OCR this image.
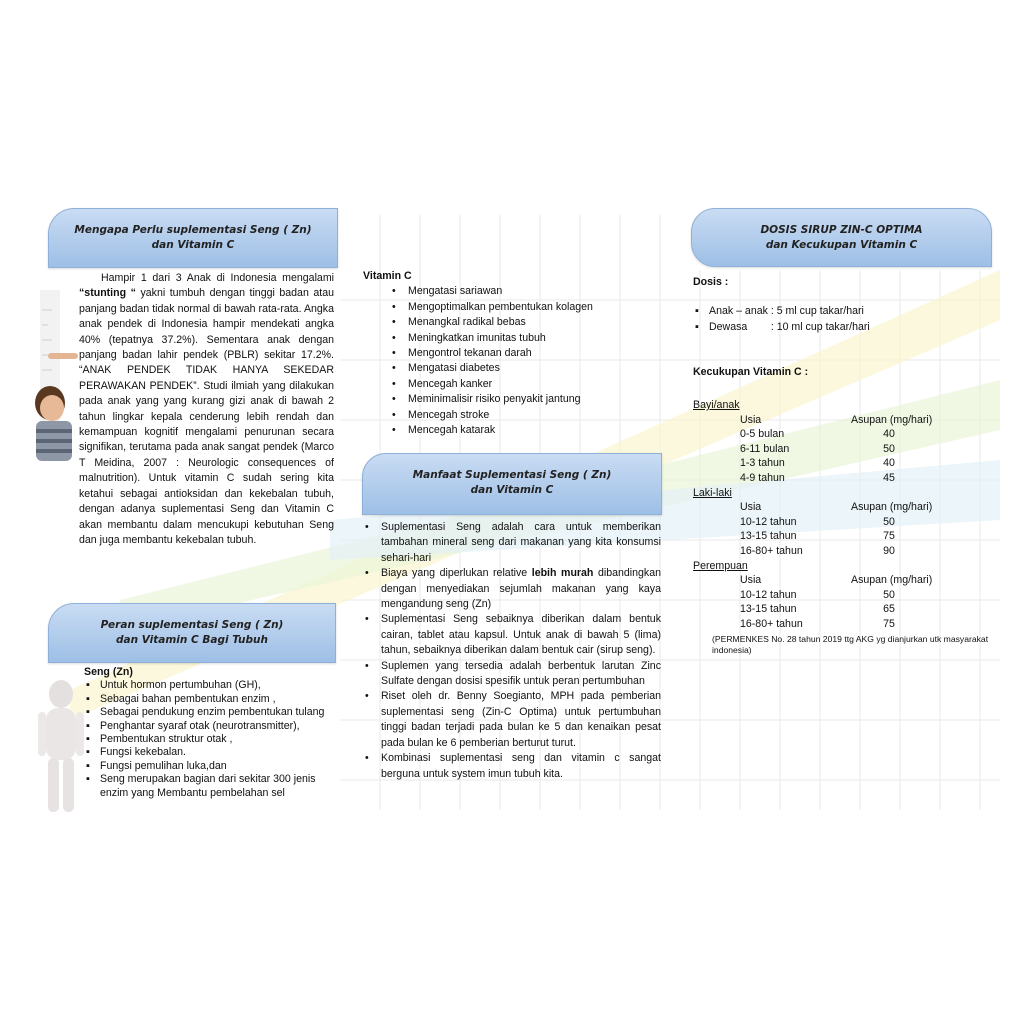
Mengapa Perlu suplementasi Seng ( Zn)
dan Vitamin C
Hampir 1 dari 3 Anak di Indonesia mengalami “stunting “ yakni tumbuh dengan tinggi badan atau panjang badan tidak normal di bawah rata-rata. Angka anak pendek di Indonesia hampir mendekati angka 40% (tepatnya 37.2%). Sementara anak dengan panjang badan lahir pendek (PBLR) sekitar 17.2%. “ANAK PENDEK TIDAK HANYA SEKEDAR PERAWAKAN PENDEK”. Studi ilmiah yang dilakukan pada anak yang yang kurang gizi anak di bawah 2 tahun lingkar kepala cenderung lebih rendah dan kemampuan kognitif mengalami penurunan secara signifikan, terutama pada anak sangat pendek (Marco T Meidina, 2007 : Neurologic consequences of malnutrition). Untuk vitamin C sudah sering kita ketahui sebagai antioksidan dan kekebalan tubuh, dengan adanya suplementasi Seng dan Vitamin C akan membantu dalam mencukupi kebutuhan Seng dan juga membantu kekebalan tubuh.
Peran suplementasi Seng ( Zn)
dan Vitamin C Bagi Tubuh
Seng (Zn)
▪ Untuk hormon pertumbuhan (GH),
▪ Sebagai bahan pembentukan enzim ,
▪ Sebagai pendukung enzim pembentukan tulang
▪ Penghantar syaraf otak (neurotransmitter),
▪ Pembentukan struktur otak ,
▪ Fungsi kekebalan.
▪ Fungsi pemulihan luka,dan
▪ Seng merupakan bagian dari sekitar 300 jenis enzim yang Membantu pembelahan sel
Vitamin C
• Mengatasi sariawan
• Mengoptimalkan pembentukan kolagen
• Menangkal radikal bebas
• Meningkatkan imunitas tubuh
• Mengontrol tekanan darah
• Mengatasi diabetes
• Mencegah kanker
• Meminimalisir risiko penyakit jantung
• Mencegah stroke
• Mencegah katarak
Manfaat Suplementasi Seng ( Zn)
dan Vitamin C
• Suplementasi Seng adalah cara untuk memberikan tambahan mineral seng dari makanan yang kita konsumsi sehari-hari
• Biaya yang diperlukan relative lebih murah dibandingkan dengan menyediakan sejumlah makanan yang kaya mengandung seng (Zn)
• Suplementasi Seng sebaiknya diberikan dalam bentuk cairan, tablet atau kapsul. Untuk anak di bawah 5 (lima) tahun, sebaiknya diberikan dalam bentuk cair (sirup seng).
• Suplemen yang tersedia adalah berbentuk larutan Zinc Sulfate dengan dosisi spesifik untuk peran pertumbuhan
• Riset oleh dr. Benny Soegianto, MPH pada pemberian suplementasi seng (Zin-C Optima) untuk pertumbuhan tinggi badan terjadi pada bulan ke 5 dan kenaikan pesat pada bulan ke 6 pemberian berturut turut.
• Kombinasi suplementasi seng dan vitamin c sangat berguna untuk system imun tubuh kita.
DOSIS SIRUP ZIN-C OPTIMA
dan Kecukupan Vitamin C
Dosis :
▪ Anak – anak : 5 ml cup takar/hari
▪ Dewasa        : 10 ml cup takar/hari
Kecukupan Vitamin C :
Bayi/anak
Usia	Asupan (mg/hari)
0-5 bulan	40
6-11 bulan	50
1-3 tahun	40
4-9 tahun	45
Laki-laki
Usia	Asupan (mg/hari)
10-12 tahun	50
13-15 tahun	75
16-80+ tahun	90
Perempuan
Usia	Asupan (mg/hari)
10-12 tahun	50
13-15 tahun	65
16-80+ tahun	75
(PERMENKES No. 28 tahun 2019 ttg AKG yg dianjurkan utk masyarakat indonesia)
